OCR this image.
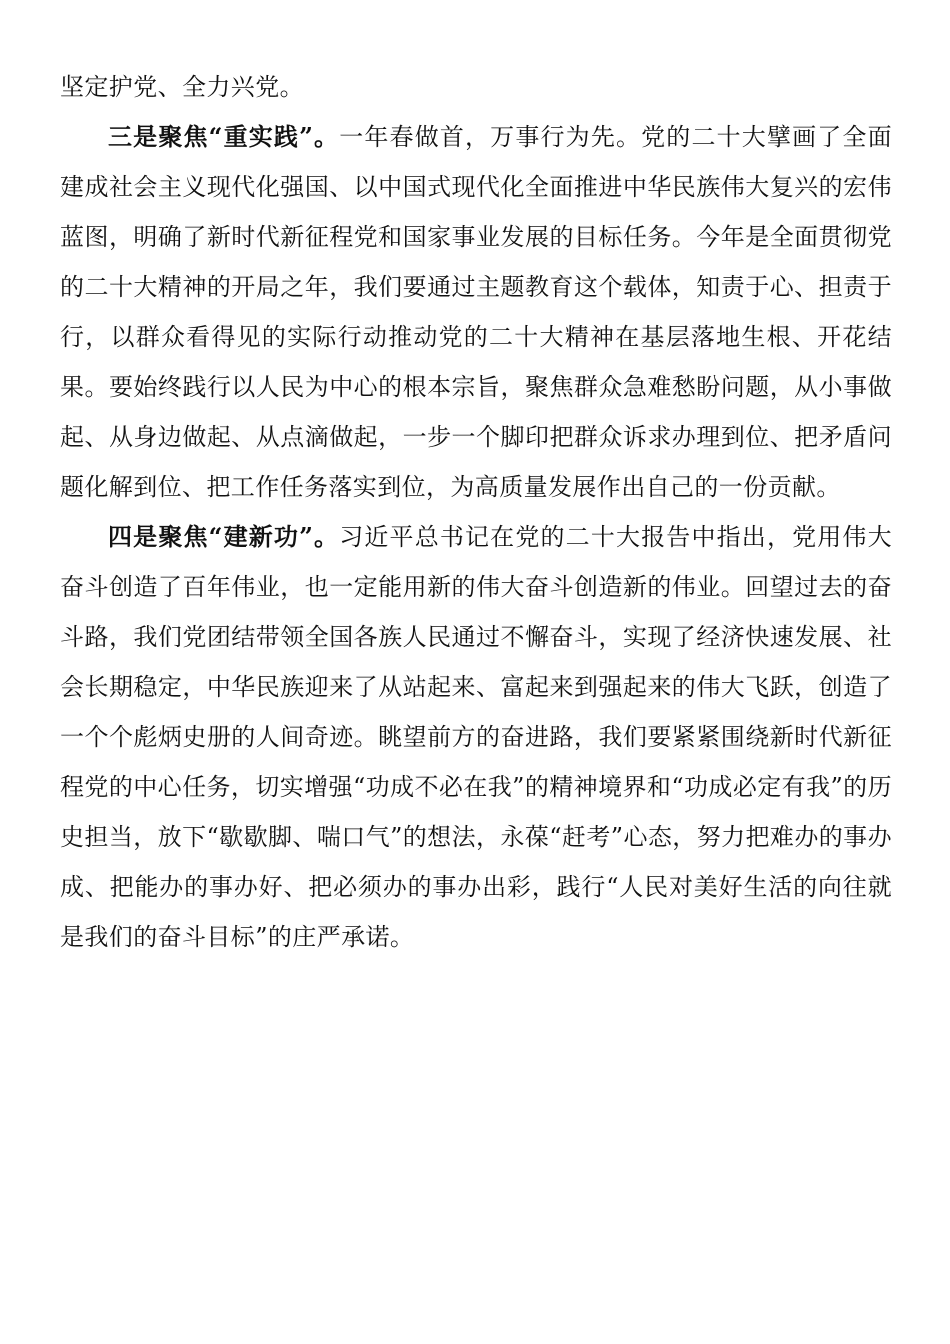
坚定护党、全力兴党。

三是聚焦“重实践”。一年春做首，万事行为先。党的二十大擘画了全面建成社会主义现代化强国、以中国式现代化全面推进中华民族伟大复兴的宏伟蓝图，明确了新时代新征程党和国家事业发展的目标任务。今年是全面贯彻党的二十大精神的开局之年，我们要通过主题教育这个载体，知责于心、担责于行，以群众看得见的实际行动推动党的二十大精神在基层落地生根、开花结果。要始终践行以人民为中心的根本宗旨，聚焦群众急难愁盼问题，从小事做起、从身边做起、从点滴做起，一步一个脚印把群众诉求办理到位、把矛盾问题化解到位、把工作任务落实到位，为高质量发展作出自己的一份贡献。

四是聚焦“建新功”。习近平总书记在党的二十大报告中指出，党用伟大奋斗创造了百年伟业，也一定能用新的伟大奋斗创造新的伟业。回望过去的奋斗路，我们党团结带领全国各族人民通过不懈奋斗，实现了经济快速发展、社会长期稳定，中华民族迎来了从站起来、富起来到强起来的伟大飞跃，创造了一个个彪炳史册的人间奇迹。眺望前方的奋进路，我们要紧紧围绕新时代新征程党的中心任务，切实增强“功成不必在我”的精神境界和“功成必定有我”的历史担当，放下“歇歇脚、喘口气”的想法，永葆“赶考”心态，努力把难办的事办成、把能办的事办好、把必须办的事办出彩，践行“人民对美好生活的向往就是我们的奋斗目标”的庄严承诺。
